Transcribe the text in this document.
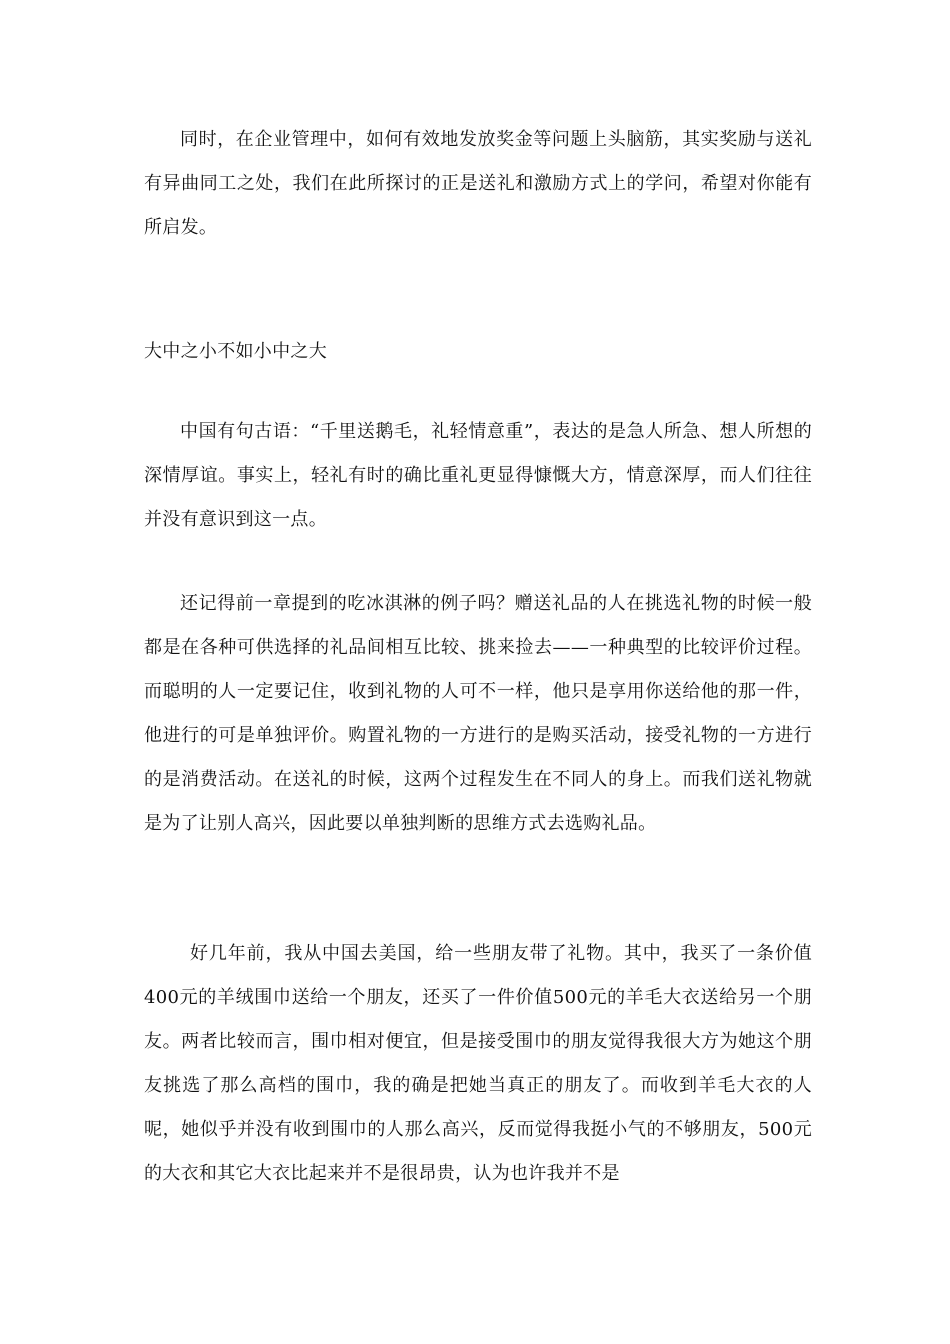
同时，在企业管理中，如何有效地发放奖金等问题上头脑筋，其实奖励与送礼有异曲同工之处，我们在此所探讨的正是送礼和激励方式上的学问，希望对你能有所启发。

大中之小不如小中之大

中国有句古语：“千里送鹅毛，礼轻情意重”，表达的是急人所急、想人所想的深情厚谊。事实上，轻礼有时的确比重礼更显得慷慨大方，情意深厚，而人们往往并没有意识到这一点。

还记得前一章提到的吃冰淇淋的例子吗？赠送礼品的人在挑选礼物的时候一般都是在各种可供选择的礼品间相互比较、挑来捡去——一种典型的比较评价过程。而聪明的人一定要记住，收到礼物的人可不一样，他只是享用你送给他的那一件，他进行的可是单独评价。购置礼物的一方进行的是购买活动，接受礼物的一方进行的是消费活动。在送礼的时候，这两个过程发生在不同人的身上。而我们送礼物就是为了让别人高兴，因此要以单独判断的思维方式去选购礼品。

好几年前，我从中国去美国，给一些朋友带了礼物。其中，我买了一条价值400元的羊绒围巾送给一个朋友，还买了一件价值500元的羊毛大衣送给另一个朋友。两者比较而言，围巾相对便宜，但是接受围巾的朋友觉得我很大方为她这个朋友挑选了那么高档的围巾，我的确是把她当真正的朋友了。而收到羊毛大衣的人呢，她似乎并没有收到围巾的人那么高兴，反而觉得我挺小气的不够朋友，500元的大衣和其它大衣比起来并不是很昂贵，认为也许我并不是
